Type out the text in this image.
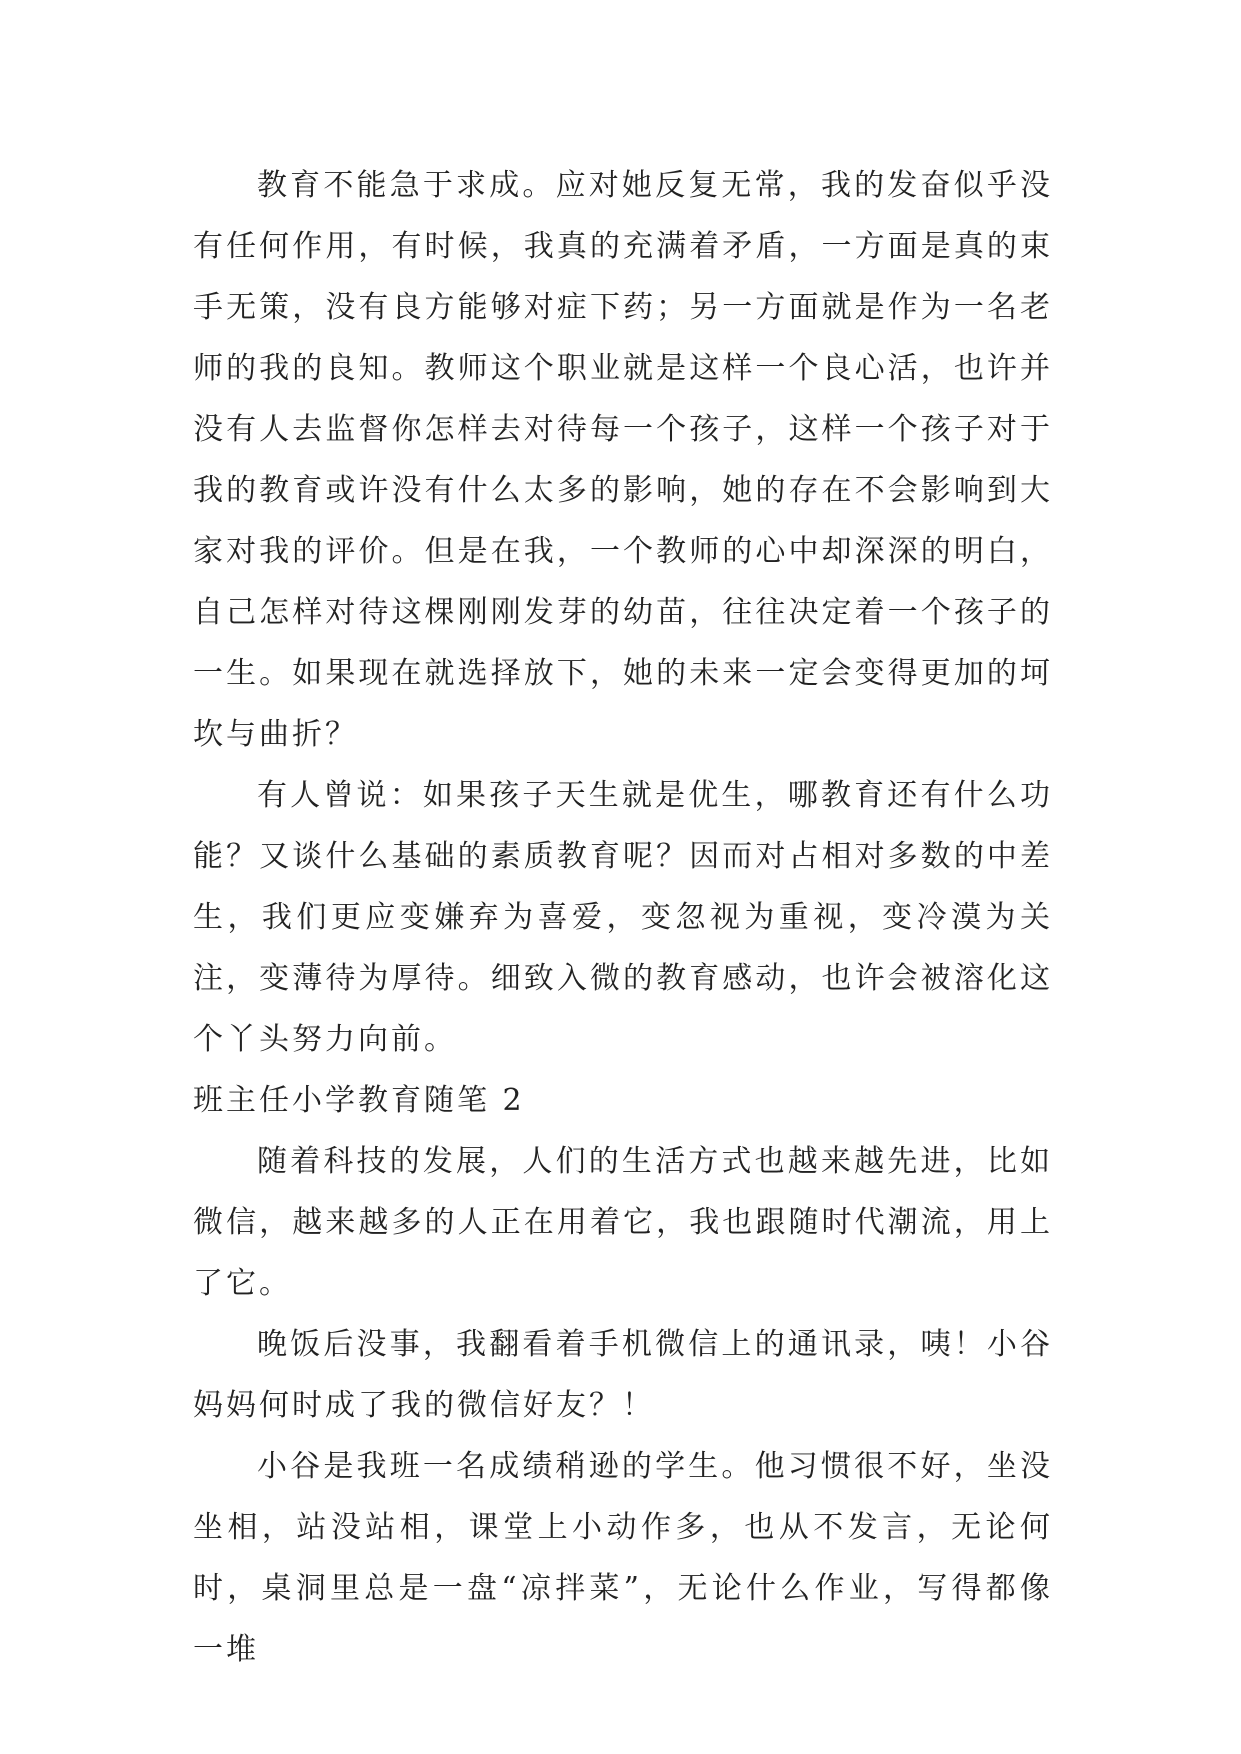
教育不能急于求成。应对她反复无常，我的发奋似乎没有任何作用，有时候，我真的充满着矛盾，一方面是真的束手无策，没有良方能够对症下药；另一方面就是作为一名老师的我的良知。教师这个职业就是这样一个良心活，也许并没有人去监督你怎样去对待每一个孩子，这样一个孩子对于我的教育或许没有什么太多的影响，她的存在不会影响到大家对我的评价。但是在我，一个教师的心中却深深的明白，自己怎样对待这棵刚刚发芽的幼苗，往往决定着一个孩子的一生。如果现在就选择放下，她的未来一定会变得更加的坷坎与曲折？

有人曾说：如果孩子天生就是优生，哪教育还有什么功能？又谈什么基础的素质教育呢？因而对占相对多数的中差生，我们更应变嫌弃为喜爱，变忽视为重视，变冷漠为关注，变薄待为厚待。细致入微的教育感动，也许会被溶化这个丫头努力向前。

班主任小学教育随笔 2

随着科技的发展，人们的生活方式也越来越先进，比如微信，越来越多的人正在用着它，我也跟随时代潮流，用上了它。

晚饭后没事，我翻看着手机微信上的通讯录，咦！小谷妈妈何时成了我的微信好友？！

小谷是我班一名成绩稍逊的学生。他习惯很不好，坐没坐相，站没站相，课堂上小动作多，也从不发言，无论何时，桌洞里总是一盘“凉拌菜”，无论什么作业，写得都像一堆
